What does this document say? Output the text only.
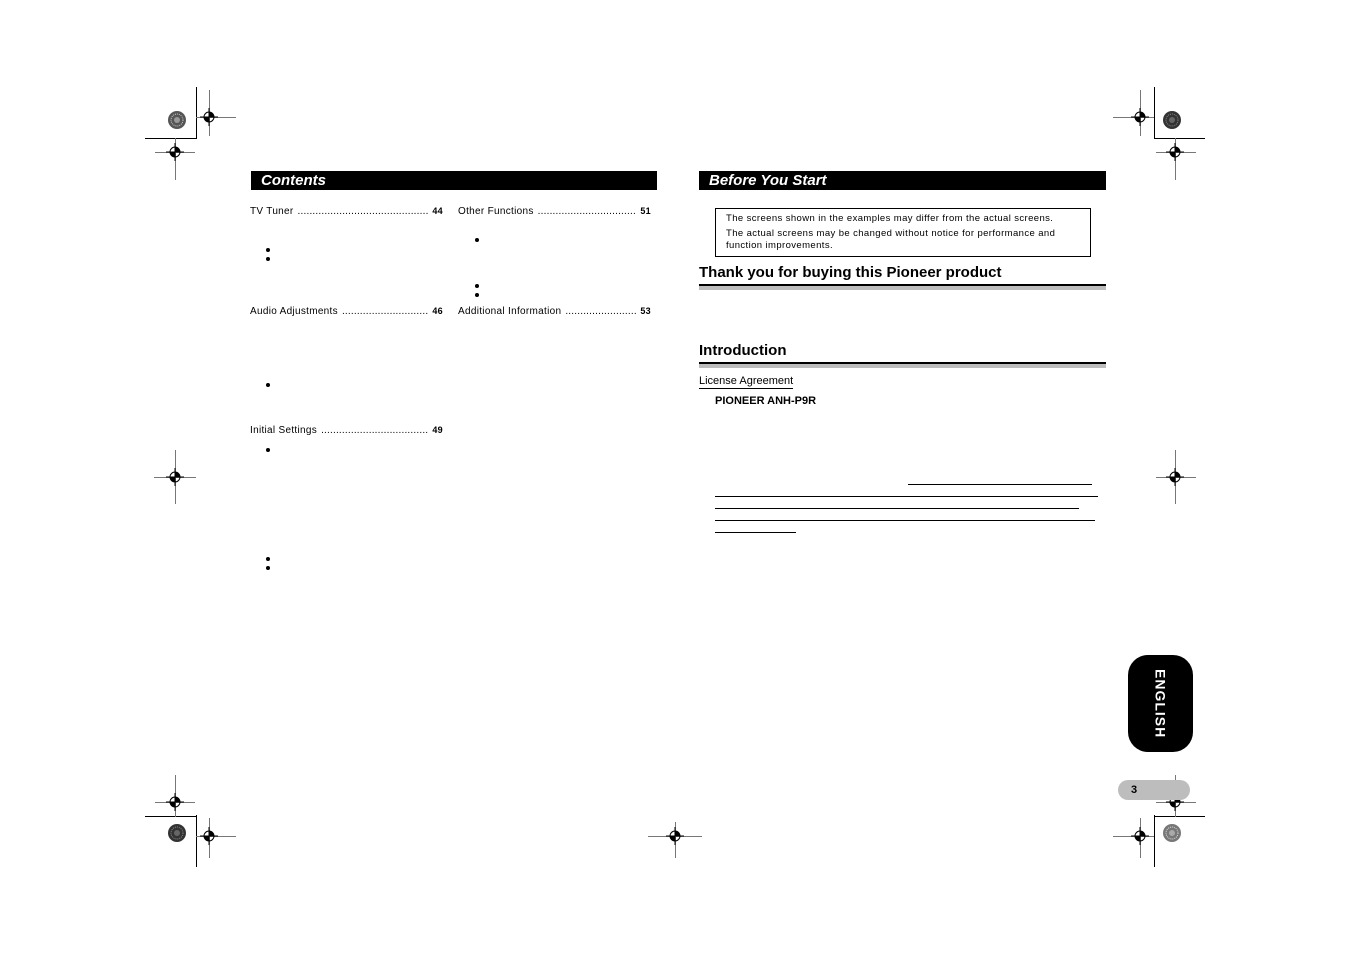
Contents
TV Tuner .....	44
Audio Adjustments .....	46
Initial Settings .....	49
Other Functions .....	51
Additional Information .....	53
Before You Start

The screens shown in the examples may differ from the actual screens.

The actual screens may be changed without notice for performance and function improvements.

Thank you for buying this Pioneer product
Introduction
License Agreement
PIONEER ANH-P9R
ENGLISH
3
